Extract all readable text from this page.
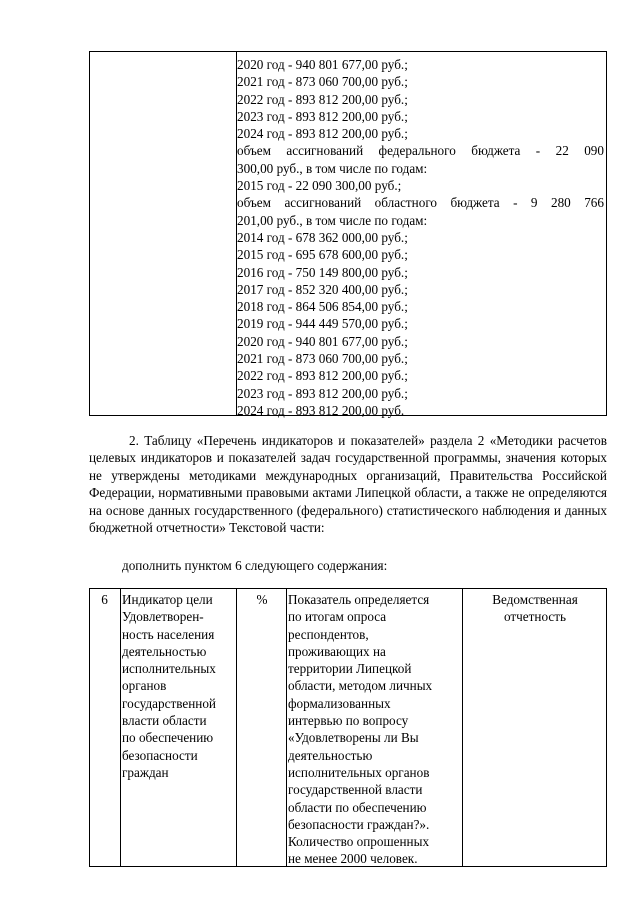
2020 год - 940 801 677,00 руб.;
2021 год - 873 060 700,00 руб.;
2022 год - 893 812 200,00 руб.;
2023 год - 893 812 200,00 руб.;
2024 год - 893 812 200,00 руб.;
объем ассигнований федерального бюджета - 22 090
300,00 руб., в том числе по годам:
2015 год - 22 090 300,00 руб.;
объем ассигнований областного бюджета - 9 280 766
201,00 руб., в том числе по годам:
2014 год - 678 362 000,00 руб.;
2015 год - 695 678 600,00 руб.;
2016 год - 750 149 800,00 руб.;
2017 год - 852 320 400,00 руб.;
2018 год - 864 506 854,00 руб.;
2019 год - 944 449 570,00 руб.;
2020 год - 940 801 677,00 руб.;
2021 год - 873 060 700,00 руб.;
2022 год - 893 812 200,00 руб.;
2023 год - 893 812 200,00 руб.;
2024 год - 893 812 200,00 руб.
2. Таблицу «Перечень индикаторов и показателей» раздела 2 «Методики расчетов целевых индикаторов и показателей задач государственной программы, значения которых не утверждены методиками международных организаций, Правительства Российской Федерации, нормативными правовыми актами Липецкой области, а также не определяются на основе данных государственного (федерального) статистического наблюдения и данных бюджетной отчетности» Текстовой части:
дополнить пунктом 6 следующего содержания:
6	Индикатор цели
Удовлетворен-
ность населения
деятельностью
исполнительных
органов
государственной
власти области
по обеспечению
безопасности
граждан
%	Показатель определяется
по итогам опроса
респондентов,
проживающих на
территории Липецкой
области, методом личных
формализованных
интервью по вопросу
«Удовлетворены ли Вы
деятельностью
исполнительных органов
государственной власти
области по обеспечению
безопасности граждан?».
Количество опрошенных
не менее 2000 человек.
Ведомственная
отчетность
